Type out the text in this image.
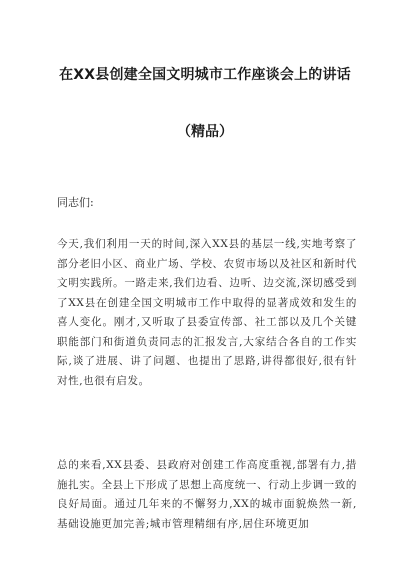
在XX县创建全国文明城市工作座谈会上的讲话
（精品）
同志们:
今天,我们利用一天的时间,深入XX县的基层一线,实地考察了部分老旧小区、商业广场、学校、农贸市场以及社区和新时代文明实践所。一路走来,我们边看、边听、边交流,深切感受到了XX县在创建全国文明城市工作中取得的显著成效和发生的喜人变化。刚才,又听取了县委宣传部、社工部以及几个关键职能部门和街道负责同志的汇报发言,大家结合各自的工作实际,谈了进展、讲了问题、也提出了思路,讲得都很好,很有针对性,也很有启发。
总的来看,XX县委、县政府对创建工作高度重视,部署有力,措施扎实。全县上下形成了思想上高度统一、行动上步调一致的良好局面。通过几年来的不懈努力,XX的城市面貌焕然一新,基础设施更加完善;城市管理精细有序,居住环境更加
